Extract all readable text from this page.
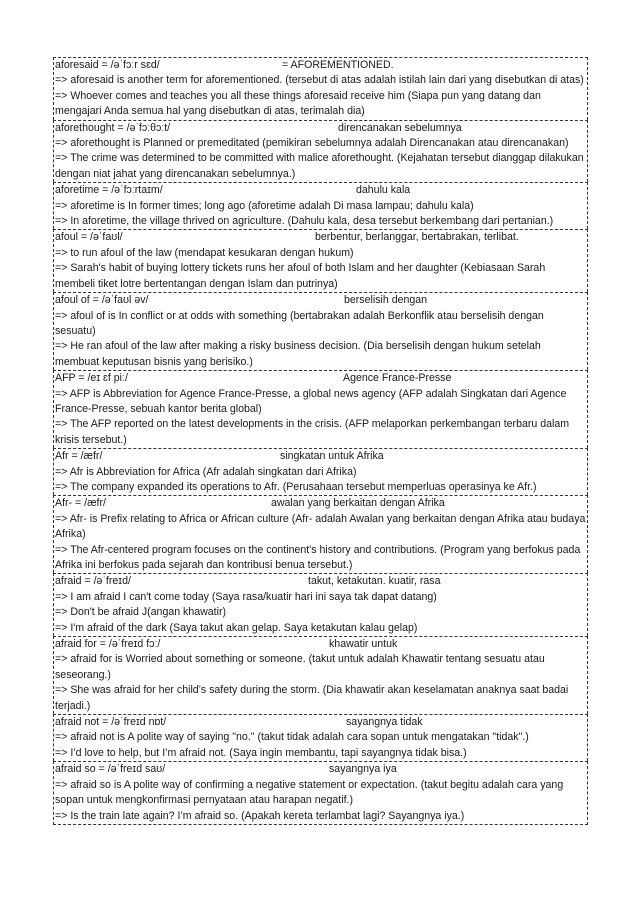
aforesaid = /əˈfɔːr sɛd/	= AFOREMENTIONED.
=> aforesaid is another term for aforementioned. (tersebut di atas adalah istilah lain dari yang disebutkan di atas)
=> Whoever comes and teaches you all these things aforesaid receive him (Siapa pun yang datang dan mengajari Anda semua hal yang disebutkan di atas, terimalah dia)
aforethought = /əˈfɔːθɔːt/	direncanakan sebelumnya
=> aforethought is Planned or premeditated (pemikiran sebelumnya adalah Direncanakan atau direncanakan)
=> The crime was determined to be committed with malice aforethought. (Kejahatan tersebut dianggap dilakukan dengan niat jahat yang direncanakan sebelumnya.)
aforetime = /əˈfɔːrtaɪm/	dahulu kala
=> aforetime is In former times; long ago (aforetime adalah Di masa lampau; dahulu kala)
=> In aforetime, the village thrived on agriculture. (Dahulu kala, desa tersebut berkembang dari pertanian.)
afoul = /əˈfaʊl/	berbentur, berlanggar, bertabrakan, terlibat.
=> to run afoul of the law (mendapat kesukaran dengan hukum)
=> Sarah's habit of buying lottery tickets runs her afoul of both Islam and her daughter (Kebiasaan Sarah membeli tiket lotre bertentangan dengan Islam dan putrinya)
afoul of = /əˈfaʊl əv/	berselisih dengan
=> afoul of is In conflict or at odds with something (bertabrakan adalah Berkonflik atau berselisih dengan sesuatu)
=> He ran afoul of the law after making a risky business decision. (Dia berselisih dengan hukum setelah membuat keputusan bisnis yang berisiko.)
AFP = /eɪ ɛf piː/	Agence France-Presse
=> AFP is Abbreviation for Agence France-Presse, a global news agency (AFP adalah Singkatan dari Agence France-Presse, sebuah kantor berita global)
=> The AFP reported on the latest developments in the crisis. (AFP melaporkan perkembangan terbaru dalam krisis tersebut.)
Afr = /æfr/	singkatan untuk Afrika
=> Afr is Abbreviation for Africa (Afr adalah singkatan dari Afrika)
=> The company expanded its operations to Afr. (Perusahaan tersebut memperluas operasinya ke Afr.)
Afr- = /æfr/	awalan yang berkaitan dengan Afrika
=> Afr- is Prefix relating to Africa or African culture (Afr- adalah Awalan yang berkaitan dengan Afrika atau budaya Afrika)
=> The Afr-centered program focuses on the continent's history and contributions. (Program yang berfokus pada Afrika ini berfokus pada sejarah dan kontribusi benua tersebut.)
afraid = /əˈfreɪd/	takut, ketakutan. kuatir, rasa
=> I am afraid I can't come today (Saya rasa/kuatir hari ini saya tak dapat datang)
=> Don't be afraid J(angan khawatir)
=> I'm afraid of the dark (Saya takut akan gelap. Saya ketakutan kalau gelap)
afraid for = /əˈfreɪd fɔː/	khawatir untuk
=> afraid for is Worried about something or someone. (takut untuk adalah Khawatir tentang sesuatu atau seseorang.)
=> She was afraid for her child’s safety during the storm. (Dia khawatir akan keselamatan anaknya saat badai terjadi.)
afraid not = /əˈfreɪd nɒt/	sayangnya tidak
=> afraid not is A polite way of saying "no." (takut tidak adalah cara sopan untuk mengatakan "tidak".)
=> I’d love to help, but I’m afraid not. (Saya ingin membantu, tapi sayangnya tidak bisa.)
afraid so = /əˈfreɪd saʊ/	sayangnya iya
=> afraid so is A polite way of confirming a negative statement or expectation. (takut begitu adalah cara yang sopan untuk mengkonfirmasi pernyataan atau harapan negatif.)
=> Is the train late again? I’m afraid so. (Apakah kereta terlambat lagi? Sayangnya iya.)
